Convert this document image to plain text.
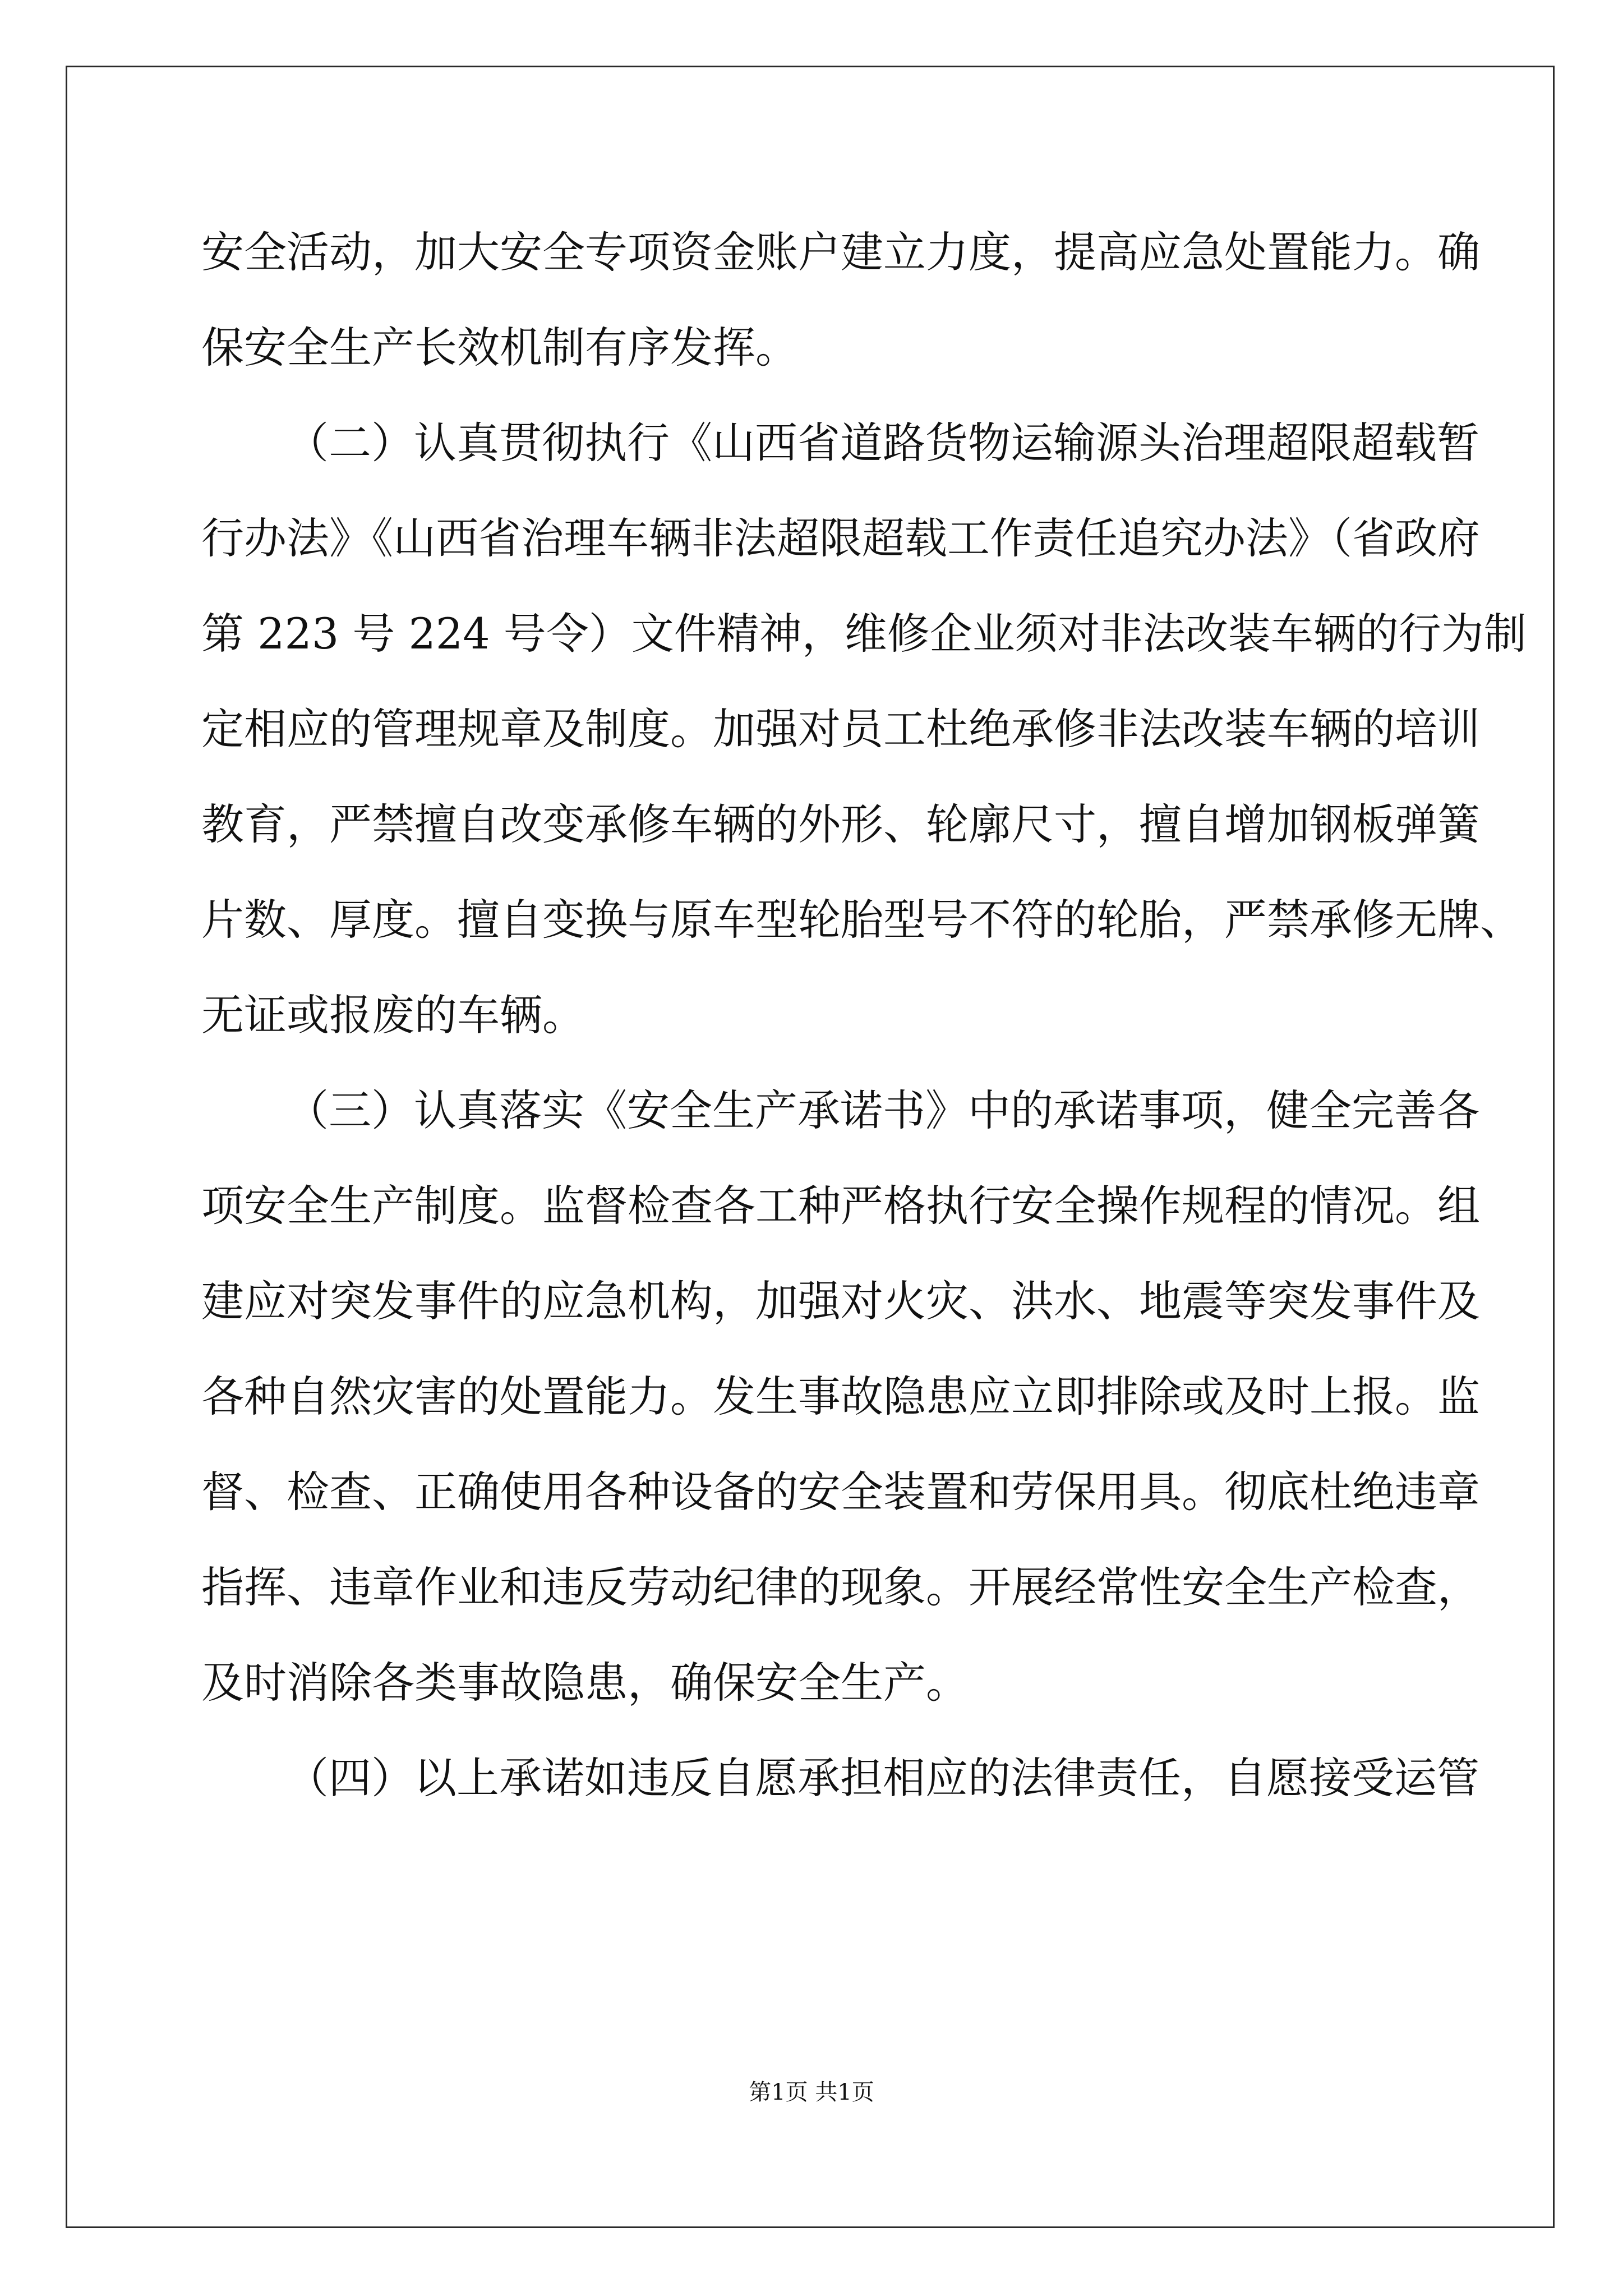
安全活动，加大安全专项资金账户建立力度，提高应急处置能力。确
保安全生产长效机制有序发挥。
（二）认真贯彻执行《山西省道路货物运输源头治理超限超载暂
行办法》《山西省治理车辆非法超限超载工作责任追究办法》（省政府
第 223 号 224 号令）文件精神，维修企业须对非法改装车辆的行为制
定相应的管理规章及制度。加强对员工杜绝承修非法改装车辆的培训
教育，严禁擅自改变承修车辆的外形、轮廓尺寸，擅自增加钢板弹簧
片数、厚度。擅自变换与原车型轮胎型号不符的轮胎，严禁承修无牌、
无证或报废的车辆。
（三）认真落实《安全生产承诺书》中的承诺事项，健全完善各
项安全生产制度。监督检查各工种严格执行安全操作规程的情况。组
建应对突发事件的应急机构，加强对火灾、洪水、地震等突发事件及
各种自然灾害的处置能力。发生事故隐患应立即排除或及时上报。监
督、检查、正确使用各种设备的安全装置和劳保用具。彻底杜绝违章
指挥、违章作业和违反劳动纪律的现象。开展经常性安全生产检查，
及时消除各类事故隐患，确保安全生产。
（四）以上承诺如违反自愿承担相应的法律责任，自愿接受运管
第1页 共1页
